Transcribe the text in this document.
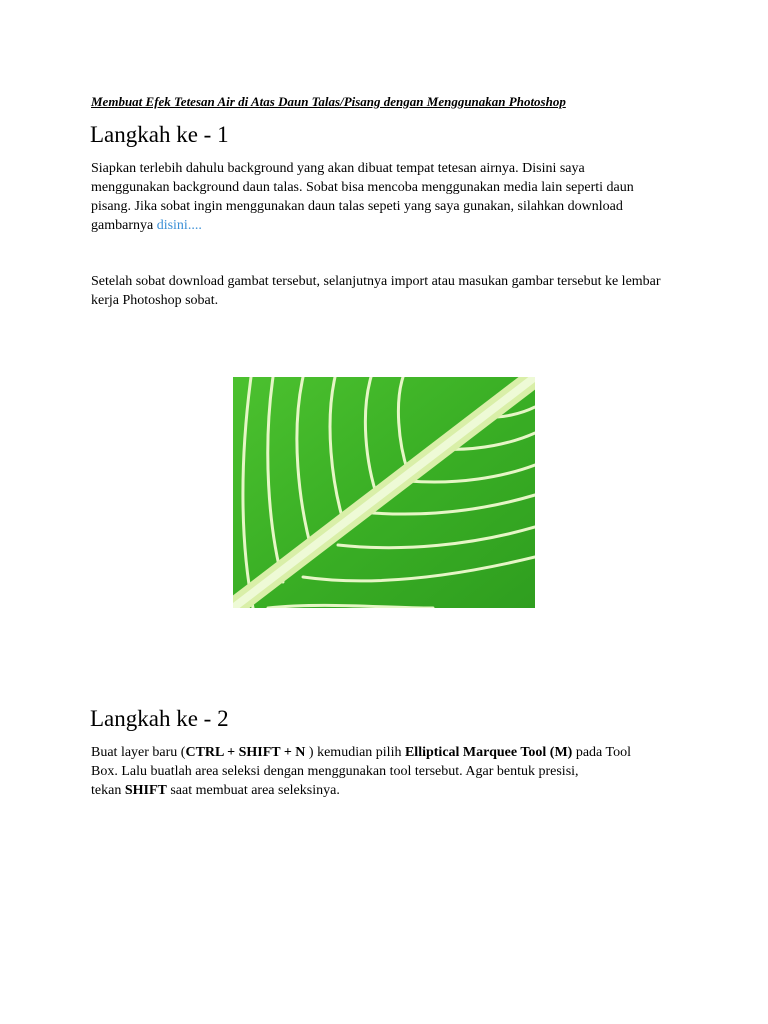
Membuat Efek Tetesan Air di Atas Daun Talas/Pisang dengan Menggunakan Photoshop
Langkah ke - 1

Siapkan terlebih dahulu background yang akan dibuat tempat tetesan airnya. Disini saya
menggunakan background daun talas. Sobat bisa mencoba menggunakan media lain seperti daun
pisang. Jika sobat ingin menggunakan daun talas sepeti yang saya gunakan, silahkan download
gambarnya disini....

Setelah sobat download gambat tersebut, selanjutnya import atau masukan gambar tersebut ke lembar
kerja Photoshop sobat.

Langkah ke - 2

Buat layer baru (CTRL + SHIFT + N ) kemudian pilih Elliptical Marquee Tool (M) pada Tool
Box. Lalu buatlah area seleksi dengan menggunakan tool tersebut. Agar bentuk presisi,
tekan SHIFT saat membuat area seleksinya.
